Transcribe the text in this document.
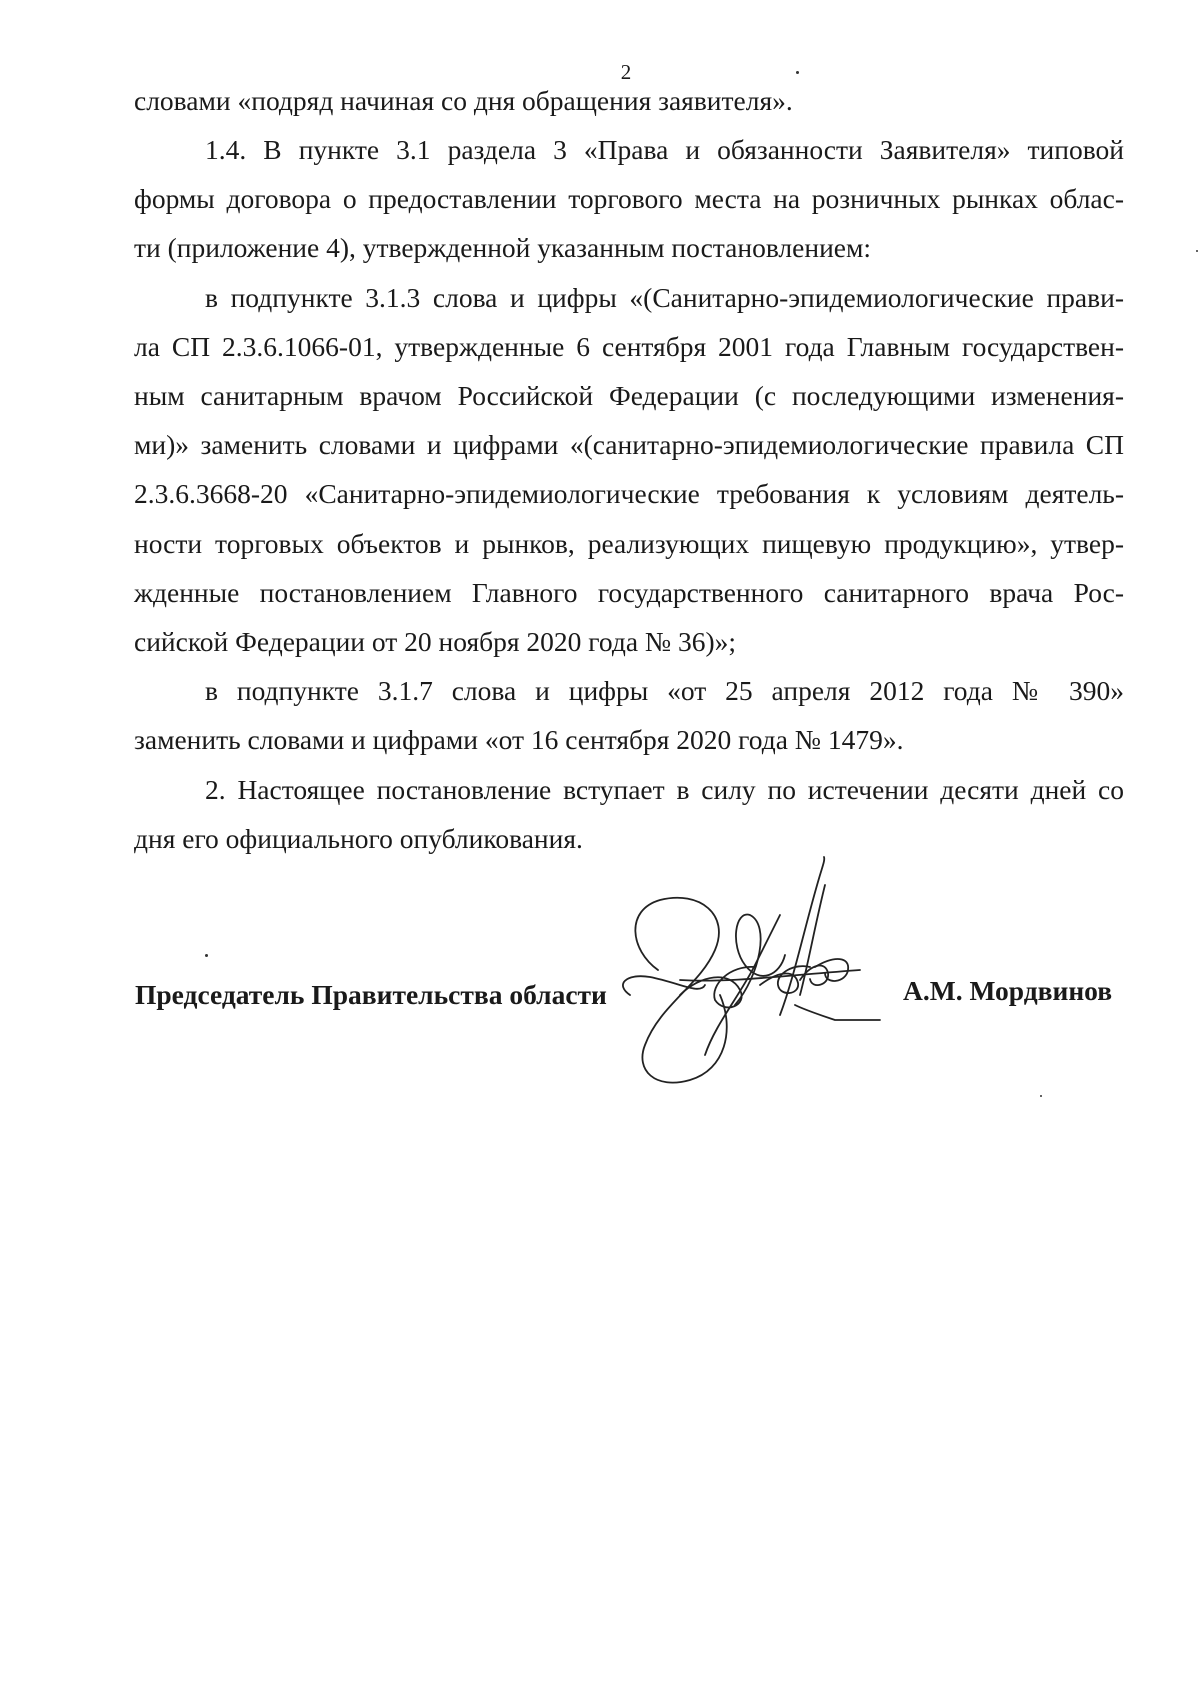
2
словами «подряд начиная со дня обращения заявителя».
1.4. В пункте 3.1 раздела 3 «Права и обязанности Заявителя» типовой
формы договора о предоставлении торгового места на розничных рынках облас-
ти (приложение 4), утвержденной указанным постановлением:
в подпункте 3.1.3 слова и цифры «(Санитарно-эпидемиологические прави-
ла СП 2.3.6.1066-01, утвержденные 6 сентября 2001 года Главным государствен-
ным санитарным врачом Российской Федерации (с последующими изменения-
ми)» заменить словами и цифрами «(санитарно-эпидемиологические правила СП
2.3.6.3668-20 «Санитарно-эпидемиологические требования к условиям деятель-
ности торговых объектов и рынков, реализующих пищевую продукцию», утвер-
жденные постановлением Главного государственного санитарного врача Рос-
сийской Федерации от 20 ноября 2020 года № 36)»;
в подпункте 3.1.7 слова и цифры «от 25 апреля 2012 года № 390»
заменить словами и цифрами «от 16 сентября 2020 года № 1479».
2. Настоящее постановление вступает в силу по истечении десяти дней со
дня его официального опубликования.
Председатель Правительства области	А.М. Мордвинов
